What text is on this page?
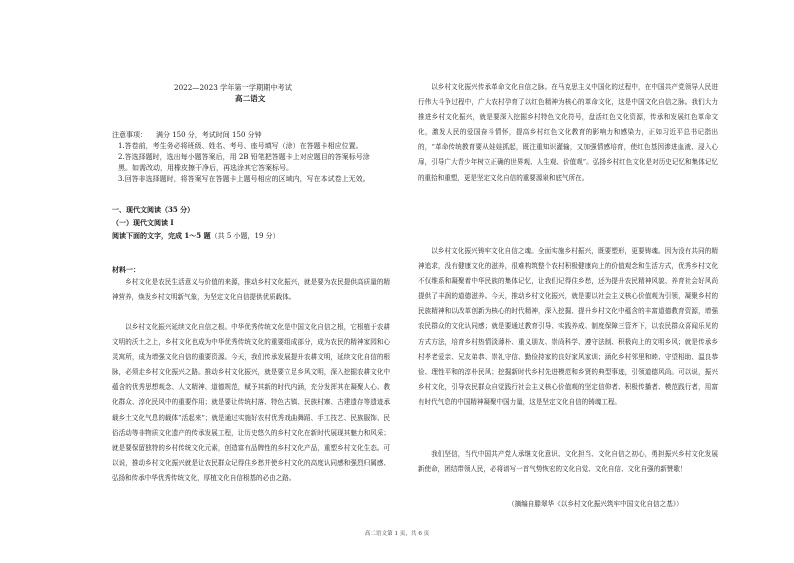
2022—2023 学年第一学期期中考试
高二语文
注意事项： 满分 150 分，考试时间 150 分钟
1.答卷前，考生务必将班级、姓名、考号、座号填写（涂）在答题卡相应位置。
2.答选择题时，选出每小题答案后，用 2B 铅笔把答题卡上对应题目的答案标号涂
黑。如需改动，用橡皮擦干净后，再选涂其它答案标号。
3.回答非选择题时，将答案写在答题卡上题号相应的区域内，写在本试卷上无效。
一、现代文阅读（35 分）
（一）现代文阅读 I
阅读下面的文字，完成 1～5 题（共 5 小题，19 分）
材料一：
乡村文化是农民生活意义与价值的来源，推动乡村文化振兴，就是要为农民提供高质量的精神营养，焕发乡村文明新气象，为坚定文化自信提供优质载体。
以乡村文化振兴延续文化自信之根。中华优秀传统文化是中国文化自信之根，它根植于农耕文明的沃土之上，乡村文化也成为中华优秀传统文化的重要组成部分，成为农民的精神家园和心灵寓所，成为增强文化自信的重要资源。今天，我们传承发展提升农耕文明，延续文化自信的根脉，必须走乡村文化振兴之路。推动乡村文化振兴，就是要立足乡风文明，深入挖掘农耕文化中蕴含的优秀思想观念、人文精神、道德规范，赋予其新的时代内涵，充分发挥其在凝聚人心、教化群众、淳化民风中的重要作用；就是要让传统村落、特色古镇、民族村寨、古建遗存等遗迹承载乡土文化气息的载体“活起来”；就是通过实施好农村优秀戏曲舞蹈、手工技艺、民族服饰、民俗活动等非物质文化遗产的传承发展工程，让历史悠久的乡村文化在新时代展现其魅力和风采；就是要保留独特的乡村传统文化元素，创造富有品牌性的乡村文化产品，重塑乡村文化生态。可以说，推动乡村文化振兴就是让农民群众记得住乡愁并使乡村文化的高度认同感和强烈归属感、弘扬和传承中华优秀传统文化，厚植文化自信根基的必由之路。
以乡村文化振兴传承革命文化自信之脉。在马克思主义中国化的过程中，在中国共产党领导人民进行伟大斗争过程中，广大农村孕育了以红色精神为核心的革命文化，这是中国文化自信之脉。我们大力推进乡村文化振兴，就是要深入挖掘乡村特色文化符号，盘活红色文化资源，传承和发展红色革命文化，激发人民的爱国奋斗情怀，提高乡村红色文化教育的影响力和感染力，正如习近平总书记指出的，“革命传统教育要从娃娃抓起，既注重知识灌输，又加强情感培育，使红色基因渗进血液、浸入心扉，引导广大青少年树立正确的世界观、人生观、价值观”。弘扬乡村红色文化是对历史记忆和集体记忆的重拾和重塑，更是坚定文化自信的重要源泉和底气所在。
以乡村文化振兴铸牢文化自信之魂。全面实施乡村振兴，既要塑形，更要铸魂。因为没有共同的精神追求，没有健康文化的滋养，很难构筑整个农村积极健康向上的价值观念和生活方式，优秀乡村文化不仅维系和凝聚着中华民族的集体记忆，让我们记得住乡愁，还为提升农民精神风貌、养育社会好风尚提供了丰润的道德滋养。今天，推动乡村文化振兴，就是要以社会主义核心价值观为引领，凝聚乡村的民族精神和以改革创新为核心的时代精神，深入挖掘、提升乡村文化中蕴含的丰富道德教育资源，增强农民群众的文化认同感；就是要通过教育引导、实践养成、制度保障三管齐下，以农民群众喜闻乐见的方式方法，培育乡村热情淡薄朴、重义朋友、崇尚科学、遵守法制、积极向上的文明乡风；就是传承乡村孝老爱亲、兄友弟恭、崇礼守信、勤俭持家的良好家风家训；涵化乡村邻里和睦、守望相助、温良恭俭、理性平和的淳朴民风；挖掘新时代乡村先进模范和乡贤的典型事迹，引领道德风尚。可以说，振兴乡村文化，引导农民群众自觉践行社会主义核心价值观的坚定信仰者、积极传播者、模范践行者，用富有时代气息的中国精神凝聚中国力量，这是坚定文化自信的铸魂工程。
我们坚信，当代中国共产党人承继文化意识、文化担当、文化自信之初心，勇担振兴乡村文化发展新使命，团结带领人民，必将谱写一首气势恢宏的文化自觉、文化自信、文化自强的新赞歌！
（摘编自滕翠华《以乡村文化振兴筑牢中国文化自信之基》）
高二语文第 1 页，共 6 页
